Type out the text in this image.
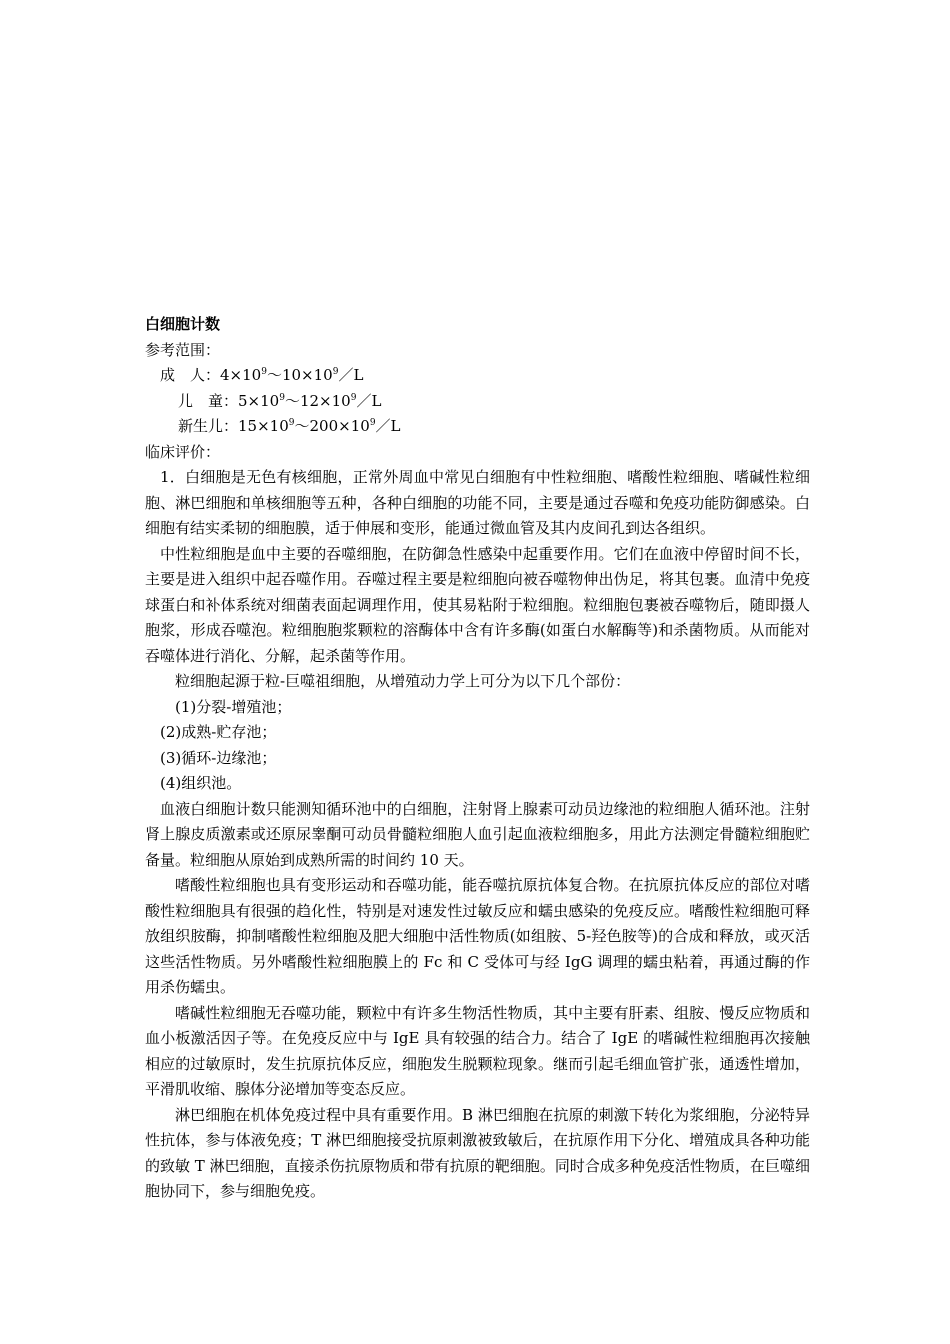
白细胞计数

参考范围：

成　人：$4\times 10^9\sim 10\times 10^9/L$

儿　童：$5\times 10^9\sim 12\times 10^9/L$

新生儿：$15\times 10^9\sim 200\times 10^9/L$

临床评价：

1．白细胞是无色有核细胞，正常外周血中常见白细胞有中性粒细胞、嗜酸性粒细胞、嗜碱性粒细胞、淋巴细胞和单核细胞等五种，各种白细胞的功能不同，主要是通过吞噬和免疫功能防御感染。白细胞有结实柔韧的细胞膜，适于伸展和变形，能通过微血管及其内皮间孔到达各组织。

中性粒细胞是血中主要的吞噬细胞，在防御急性感染中起重要作用。它们在血液中停留时间不长，主要是进入组织中起吞噬作用。吞噬过程主要是粒细胞向被吞噬物伸出伪足，将其包裹。血清中免疫球蛋白和补体系统对细菌表面起调理作用，使其易粘附于粒细胞。粒细胞包裹被吞噬物后，随即摄人胞浆，形成吞噬泡。粒细胞胞浆颗粒的溶酶体中含有许多酶(如蛋白水解酶等)和杀菌物质。从而能对吞噬体进行消化、分解，起杀菌等作用。

粒细胞起源于粒-巨噬祖细胞，从增殖动力学上可分为以下几个部份：

(1)分裂-增殖池；

(2)成熟-贮存池；

(3)循环-边缘池；

(4)组织池。

血液白细胞计数只能测知循环池中的白细胞，注射肾上腺素可动员边缘池的粒细胞人循环池。注射肾上腺皮质激素或还原尿睾酮可动员骨髓粒细胞人血引起血液粒细胞多，用此方法测定骨髓粒细胞贮备量。粒细胞从原始到成熟所需的时间约 10 天。

嗜酸性粒细胞也具有变形运动和吞噬功能，能吞噬抗原抗体复合物。在抗原抗体反应的部位对嗜酸性粒细胞具有很强的趋化性，特别是对速发性过敏反应和蠕虫感染的免疫反应。嗜酸性粒细胞可释放组织胺酶，抑制嗜酸性粒细胞及肥大细胞中活性物质(如组胺、5-羟色胺等)的合成和释放，或灭活这些活性物质。另外嗜酸性粒细胞膜上的 Fc 和 C 受体可与经 IgG 调理的蠕虫粘着，再通过酶的作用杀伤蠕虫。

嗜碱性粒细胞无吞噬功能，颗粒中有许多生物活性物质，其中主要有肝素、组胺、慢反应物质和血小板激活因子等。在免疫反应中与 IgE 具有较强的结合力。结合了 IgE 的嗜碱性粒细胞再次接触相应的过敏原时，发生抗原抗体反应，细胞发生脱颗粒现象。继而引起毛细血管扩张，通透性增加，平滑肌收缩、腺体分泌增加等变态反应。

淋巴细胞在机体免疫过程中具有重要作用。B 淋巴细胞在抗原的刺激下转化为浆细胞，分泌特异性抗体，参与体液免疫；T 淋巴细胞接受抗原刺激被致敏后，在抗原作用下分化、增殖成具各种功能的致敏 T 淋巴细胞，直接杀伤抗原物质和带有抗原的靶细胞。同时合成多种免疫活性物质，在巨噬细胞协同下，参与细胞免疫。
